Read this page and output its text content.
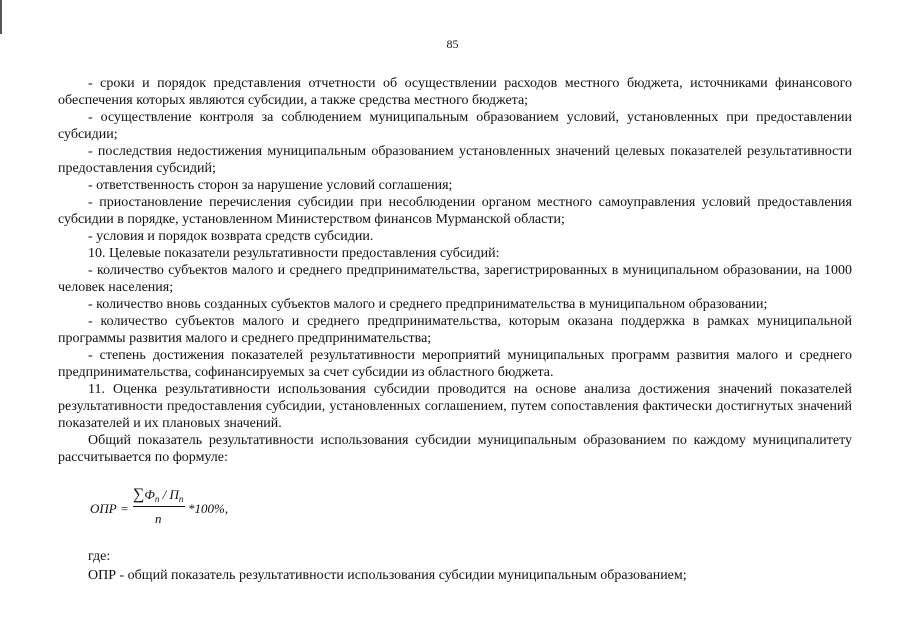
85

- сроки и порядок представления отчетности об осуществлении расходов местного бюджета, источниками финансового обеспечения которых являются субсидии, а также средства местного бюджета;

- осуществление контроля за соблюдением муниципальным образованием условий, установленных при предоставлении субсидии;

- последствия недостижения муниципальным образованием установленных значений целевых показателей результативности предоставления субсидий;

- ответственность сторон за нарушение условий соглашения;

- приостановление перечисления субсидии при несоблюдении органом местного самоуправления условий предоставления субсидии в порядке, установленном Министерством финансов Мурманской области;

- условия и порядок возврата средств субсидии.

10. Целевые показатели результативности предоставления субсидий:

- количество субъектов малого и среднего предпринимательства, зарегистрированных в муниципальном образовании, на 1000 человек населения;

- количество вновь созданных субъектов малого и среднего предпринимательства в муниципальном образовании;

- количество субъектов малого и среднего предпринимательства, которым оказана поддержка в рамках муниципальной программы развития малого и среднего предпринимательства;

- степень достижения показателей результативности мероприятий муниципальных программ развития малого и среднего предпринимательства, софинансируемых за счет субсидии из областного бюджета.

11. Оценка результативности использования субсидии проводится на основе анализа достижения значений показателей результативности предоставления субсидии, установленных соглашением, путем сопоставления фактически достигнутых значений показателей и их плановых значений.

Общий показатель результативности использования субсидии муниципальным образованием по каждому муниципалитету рассчитывается по формуле:

ОПР =
$\sum Ф_п / П_п$
n
*100%,

где:

ОПР - общий показатель результативности использования субсидии муниципальным образованием;
